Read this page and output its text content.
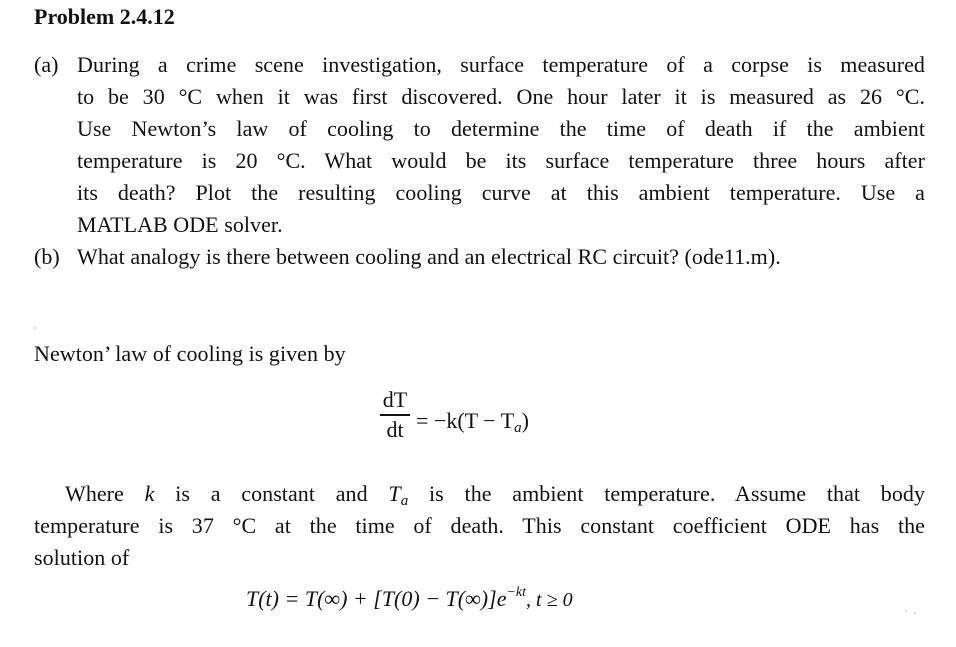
Problem 2.4.12
(a) During a crime scene investigation, surface temperature of a corpse is measured
to be 30 °C when it was first discovered. One hour later it is measured as 26 °C.
Use Newton’s law of cooling to determine the time of death if the ambient
temperature is 20 °C. What would be its surface temperature three hours after
its death? Plot the resulting cooling curve at this ambient temperature. Use a
MATLAB ODE solver.
(b) What analogy is there between cooling and an electrical RC circuit? (ode11.m).
Newton’ law of cooling is given by
dT
dt = $-k(T - T_a)$
Where k is a constant and $T_a$ is the ambient temperature. Assume that body
temperature is 37 °C at the time of death. This constant coefficient ODE has the
solution of
$T(t) = T(\infty) + [T(0) - T(\infty)]e^{-kt}$, t ≥ 0
